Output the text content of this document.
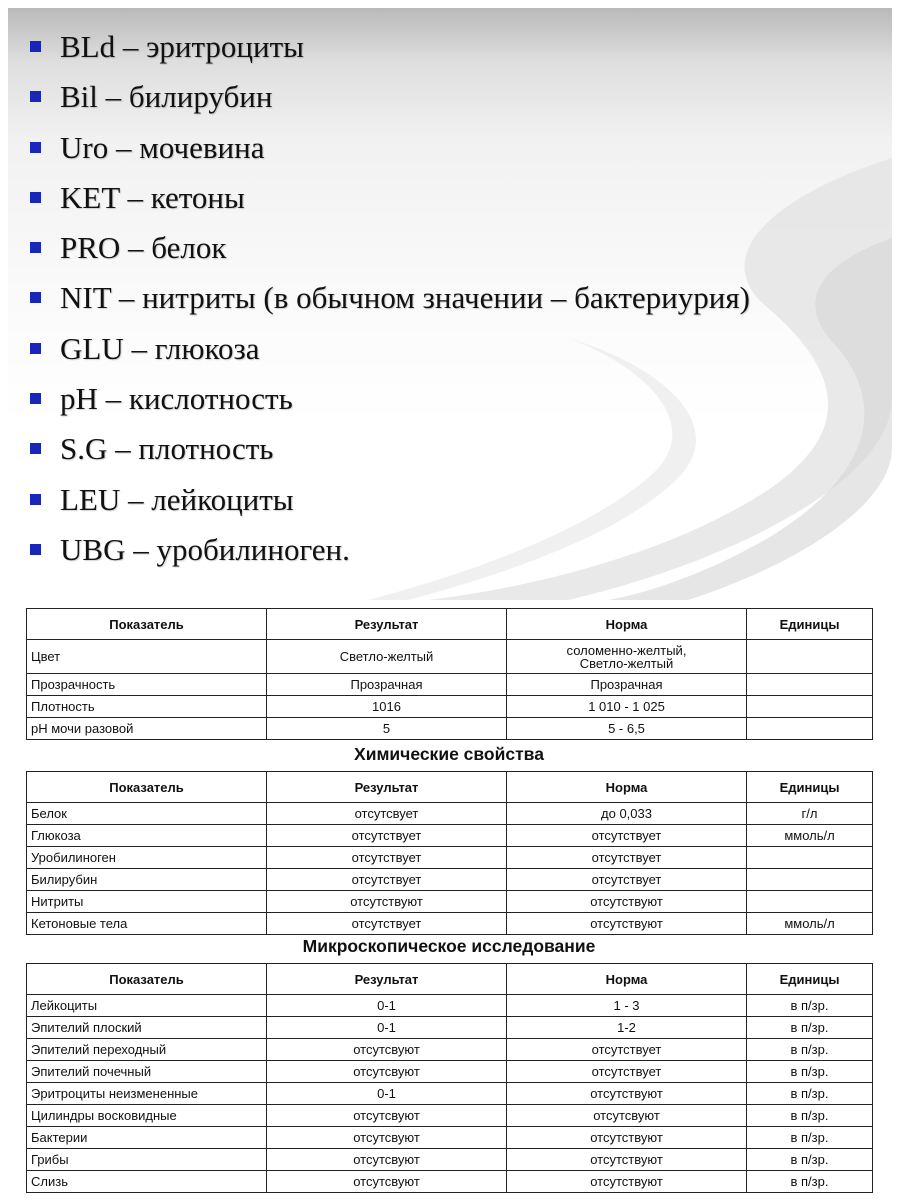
BLd – эритроциты
Bil – билирубин
Uro – мочевина
KET – кетоны
PRO – белок
NIT – нитриты (в обычном значении – бактериурия)
GLU – глюкоза
pH – кислотность
S.G – плотность
LEU – лейкоциты
UBG – уробилиноген.
Показатель	Результат	Норма	Единицы
Цвет	Светло-желтый	соломенно-желтый,
Светло-желтый	
Прозрачность	Прозрачная	Прозрачная	
Плотность	1016	1 010 - 1 025	
pH мочи разовой	5	5 - 6,5	
Химические свойства
Показатель	Результат	Норма	Единицы
Белок	отсутсвует	до 0,033	г/л
Глюкоза	отсутствует	отсутствует	ммоль/л
Уробилиноген	отсутствует	отсутствует	
Билирубин	отсутствует	отсутствует	
Нитриты	отсутствуют	отсутствуют	
Кетоновые тела	отсутствует	отсутствуют	ммоль/л
Микроскопическое исследование
Показатель	Результат	Норма	Единицы
Лейкоциты	0-1	1 - 3	в п/зр.
Эпителий плоский	0-1	1-2	в п/зр.
Эпителий переходный	отсутсвуют	отсутствует	в п/зр.
Эпителий почечный	отсутсвуют	отсутствует	в п/зр.
Эритроциты неизмененные	0-1	отсутствуют	в п/зр.
Цилиндры восковидные	отсутсвуют	отсутсвуют	в п/зр.
Бактерии	отсутсвуют	отсутствуют	в п/зр.
Грибы	отсутсвуют	отсутствуют	в п/зр.
Слизь	отсутсвуют	отсутствуют	в п/зр.
